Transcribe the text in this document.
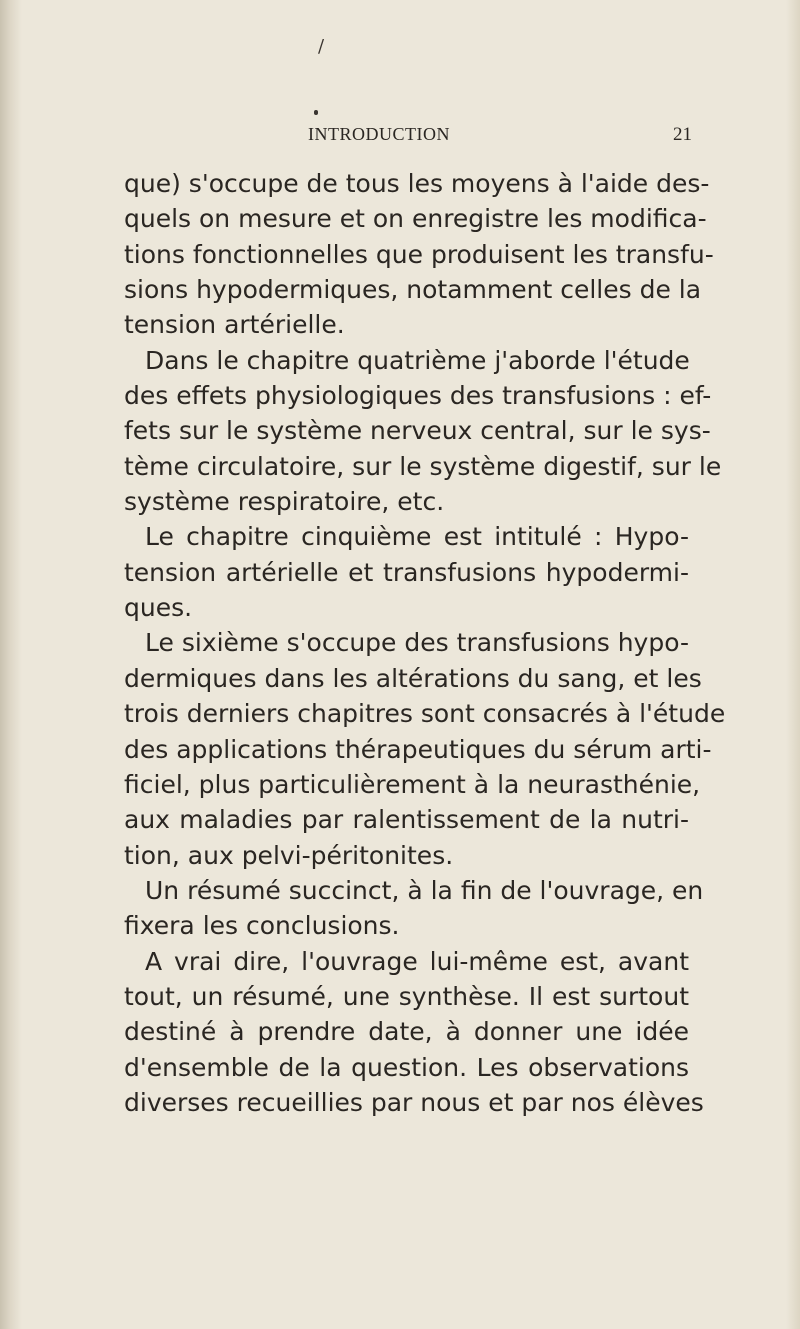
/
INTRODUCTION	21
que) s'occupe de tous les moyens à l'aide des-
quels on mesure et on enregistre les modifica-
tions fonctionnelles que produisent les transfu-
sions hypodermiques, notamment celles de la
tension artérielle.
Dans le chapitre quatrième j'aborde l'étude
des effets physiologiques des transfusions : ef-
fets sur le système nerveux central, sur le sys-
tème circulatoire, sur le système digestif, sur le
système respiratoire, etc.
Le chapitre cinquième est intitulé : Hypo-
tension artérielle et transfusions hypodermi-
ques.
Le sixième s'occupe des transfusions hypo-
dermiques dans les altérations du sang, et les
trois derniers chapitres sont consacrés à l'étude
des applications thérapeutiques du sérum arti-
ficiel, plus particulièrement à la neurasthénie,
aux maladies par ralentissement de la nutri-
tion, aux pelvi-péritonites.
Un résumé succinct, à la fin de l'ouvrage, en
fixera les conclusions.
A vrai dire, l'ouvrage lui-même est, avant
tout, un résumé, une synthèse. Il est surtout
destiné à prendre date, à donner une idée
d'ensemble de la question. Les observations
diverses recueillies par nous et par nos élèves
